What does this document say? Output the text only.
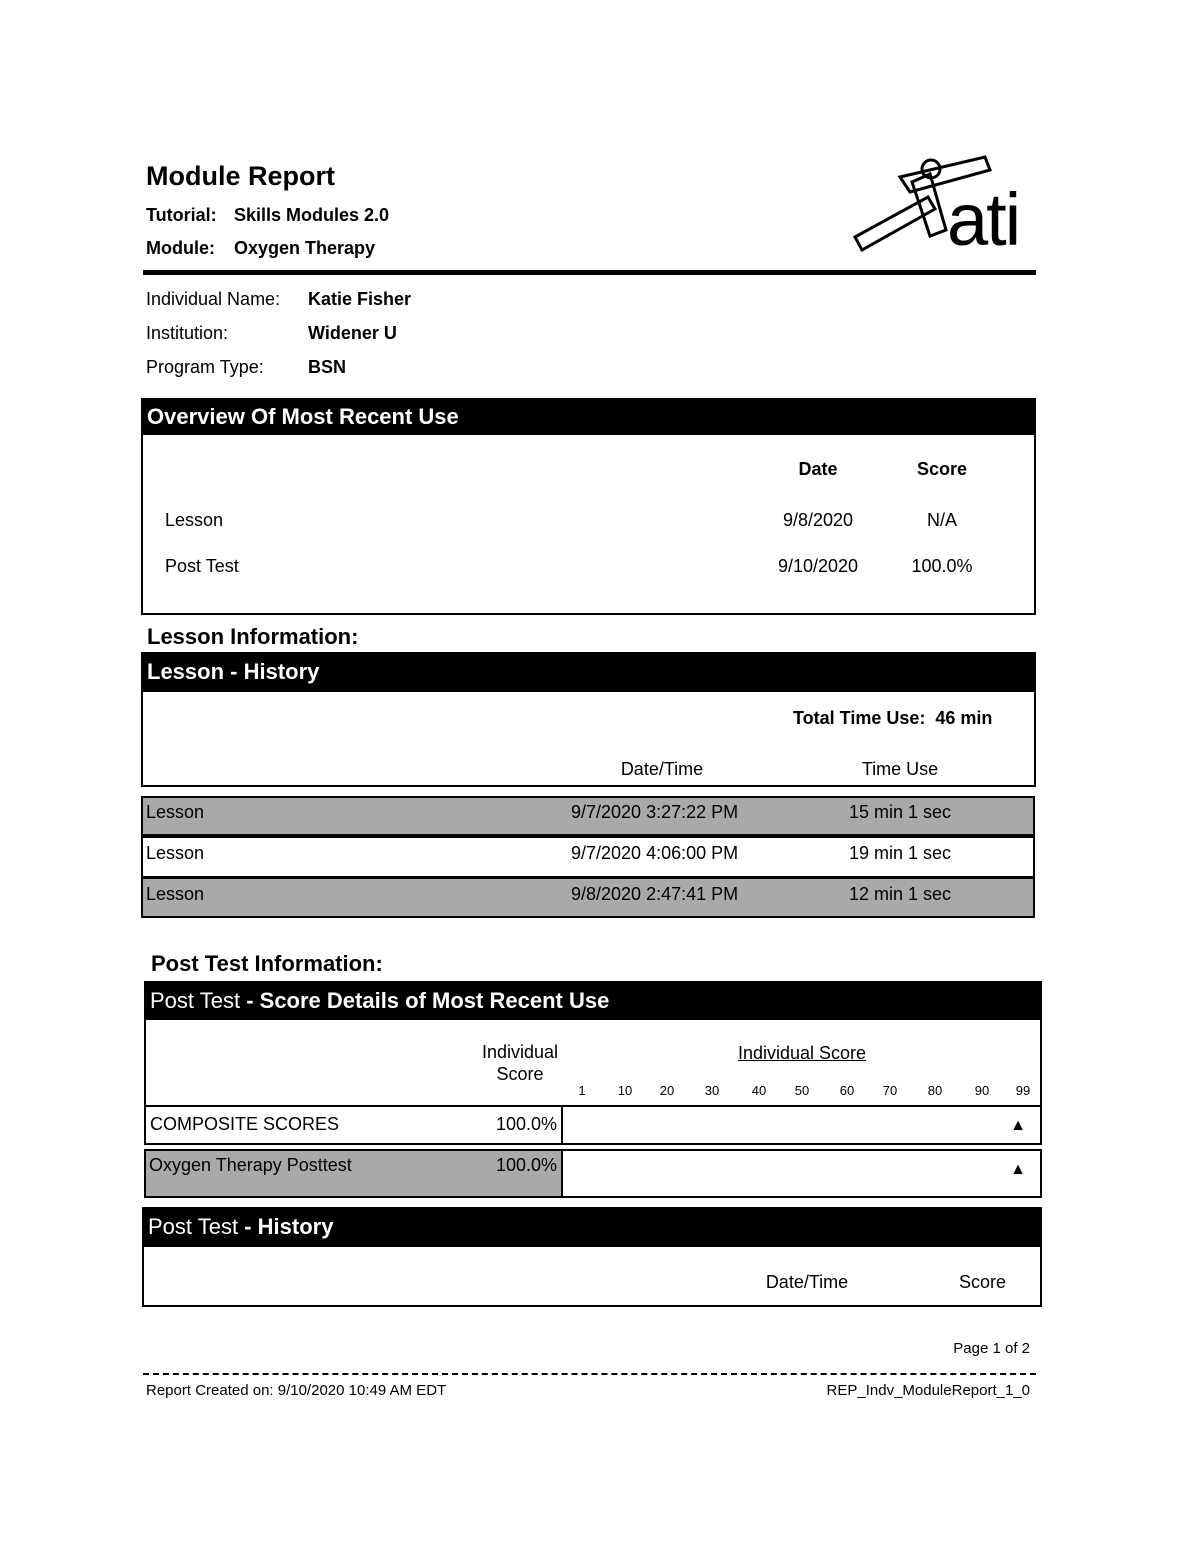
Module Report
Tutorial: Skills Modules 2.0
Module: Oxygen Therapy	ati
Individual Name: Katie Fisher
Institution:	Widener U
Program Type: BSN
Overview Of Most Recent Use
Date	Score
Lesson	9/8/2020	N/A
Post Test	9/10/2020	100.0%
Lesson Information:
Lesson - History
Total Time Use: 46 min
Date/Time	Time Use
Lesson	9/7/2020 3:27:22 PM	15 min 1 sec
Lesson	9/7/2020 4:06:00 PM	19 min 1 sec
Lesson	9/8/2020 2:47:41 PM	12 min 1 sec
Post Test Information:
Post Test - Score Details of Most Recent Use
Individual
Score
Individual Score
1	10	20	30	40	50	60	70	80	90	99
COMPOSITE SCORES	100.0%	▲
Oxygen Therapy Posttest	100.0%	▲
Post Test - History
Date/Time	Score
Page 1 of 2
Report Created on: 9/10/2020 10:49 AM EDT	REP_Indv_ModuleReport_1_0
